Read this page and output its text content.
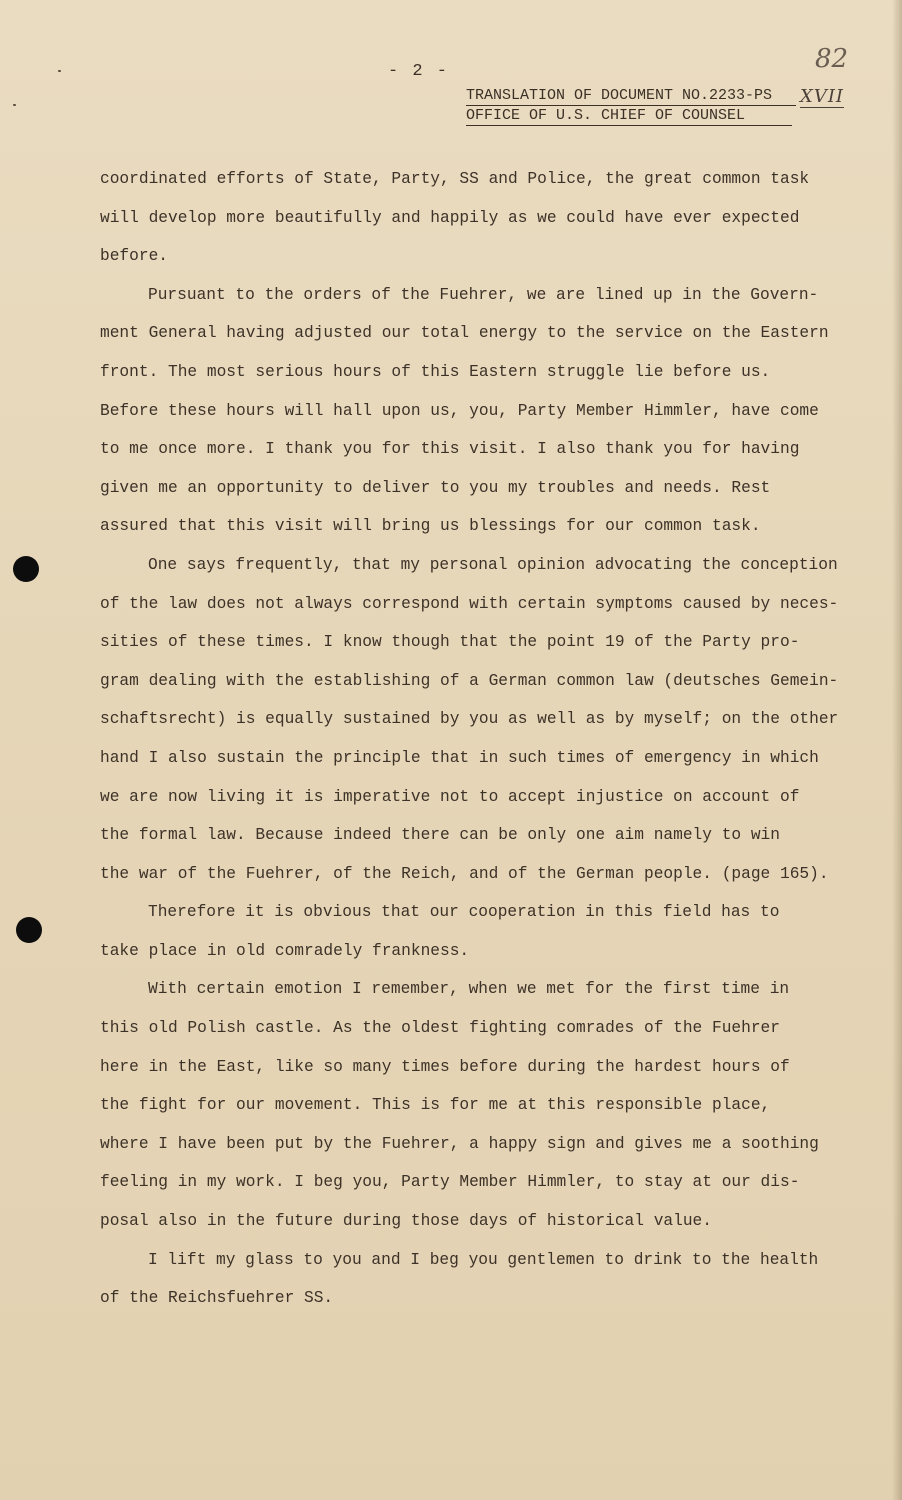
- 2 -
TRANSLATION OF DOCUMENT NO.2233-PS
OFFICE OF U.S. CHIEF OF COUNSEL
82
XVII
coordinated efforts of State, Party, SS and Police, the great common task
will develop more beautifully and happily as we could have ever expected
before.
Pursuant to the orders of the Fuehrer, we are lined up in the Govern-
ment General having adjusted our total energy to the service on the Eastern
front. The most serious hours of this Eastern struggle lie before us.
Before these hours will hall upon us, you, Party Member Himmler, have come
to me once more. I thank you for this visit. I also thank you for having
given me an opportunity to deliver to you my troubles and needs. Rest
assured that this visit will bring us blessings for our common task.
One says frequently, that my personal opinion advocating the conception
of the law does not always correspond with certain symptoms caused by neces-
sities of these times. I know though that the point 19 of the Party pro-
gram dealing with the establishing of a German common law (deutsches Gemein-
schaftsrecht) is equally sustained by you as well as by myself; on the other
hand I also sustain the principle that in such times of emergency in which
we are now living it is imperative not to accept injustice on account of
the formal law. Because indeed there can be only one aim namely to win
the war of the Fuehrer, of the Reich, and of the German people. (page 165).
Therefore it is obvious that our cooperation in this field has to
take place in old comradely frankness.
With certain emotion I remember, when we met for the first time in
this old Polish castle. As the oldest fighting comrades of the Fuehrer
here in the East, like so many times before during the hardest hours of
the fight for our movement. This is for me at this responsible place,
where I have been put by the Fuehrer, a happy sign and gives me a soothing
feeling in my work. I beg you, Party Member Himmler, to stay at our dis-
posal also in the future during those days of historical value.
I lift my glass to you and I beg you gentlemen to drink to the health
of the Reichsfuehrer SS.
